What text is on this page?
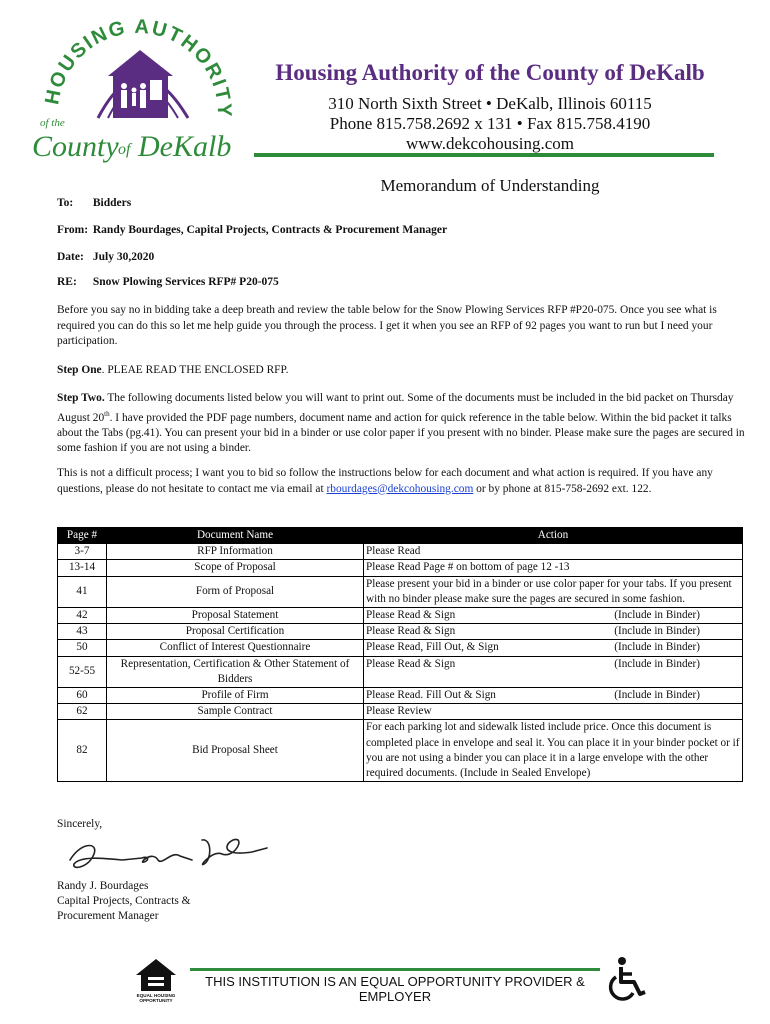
HOUSING AUTHORITY
of the
County of DeKalb
Housing Authority of the County of DeKalb
310 North Sixth Street • DeKalb, Illinois 60115
Phone 815.758.2692 x 131 • Fax 815.758.4190
www.dekcohousing.com
Memorandum of Understanding
To: Bidders
From: Randy Bourdages, Capital Projects, Contracts & Procurement Manager
Date: July 30,2020
RE: Snow Plowing Services RFP# P20-075
Before you say no in bidding take a deep breath and review the table below for the Snow Plowing Services RFP #P20-075. Once you see what is required you can do this so let me help guide you through the process. I get it when you see an RFP of 92 pages you want to run but I need your participation.
Step One. PLEAE READ THE ENCLOSED RFP.
Step Two. The following documents listed below you will want to print out. Some of the documents must be included in the bid packet on Thursday August 20th. I have provided the PDF page numbers, document name and action for quick reference in the table below. Within the bid packet it talks about the Tabs (pg.41). You can present your bid in a binder or use color paper if you present with no binder. Please make sure the pages are secured in some fashion if you are not using a binder.
This is not a difficult process; I want you to bid so follow the instructions below for each document and what action is required. If you have any questions, please do not hesitate to contact me via email at rbourdages@dekcohousing.com or by phone at 815-758-2692 ext. 122.
Page #	Document Name	Action
3-7	RFP Information	Please Read
13-14	Scope of Proposal	Please Read Page # on bottom of page 12 -13
41	Form of Proposal	Please present your bid in a binder or use color paper for your tabs. If you present with no binder please make sure the pages are secured in some fashion.
42	Proposal Statement	Please Read & Sign (Include in Binder)

43	Proposal Certification	Please Read & Sign (Include in Binder)

50	Conflict of Interest Questionnaire	Please Read, Fill Out, & Sign (Include in Binder)

52-55	Representation, Certification & Other Statement of Bidders	Please Read & Sign (Include in Binder)

60	Profile of Firm	Please Read. Fill Out & Sign (Include in Binder)

62	Sample Contract	Please Review
82	Bid Proposal Sheet	For each parking lot and sidewalk listed include price. Once this document is completed place in envelope and seal it. You can place it in your binder pocket or if you are not using a binder you can place it in a large envelope with the other required documents. (Include in Sealed Envelope)
Sincerely,
Randy J. Bourdages
Capital Projects, Contracts &
Procurement Manager
EQUAL HOUSING
OPPORTUNITY
THIS INSTITUTION IS AN EQUAL OPPORTUNITY PROVIDER & EMPLOYER
